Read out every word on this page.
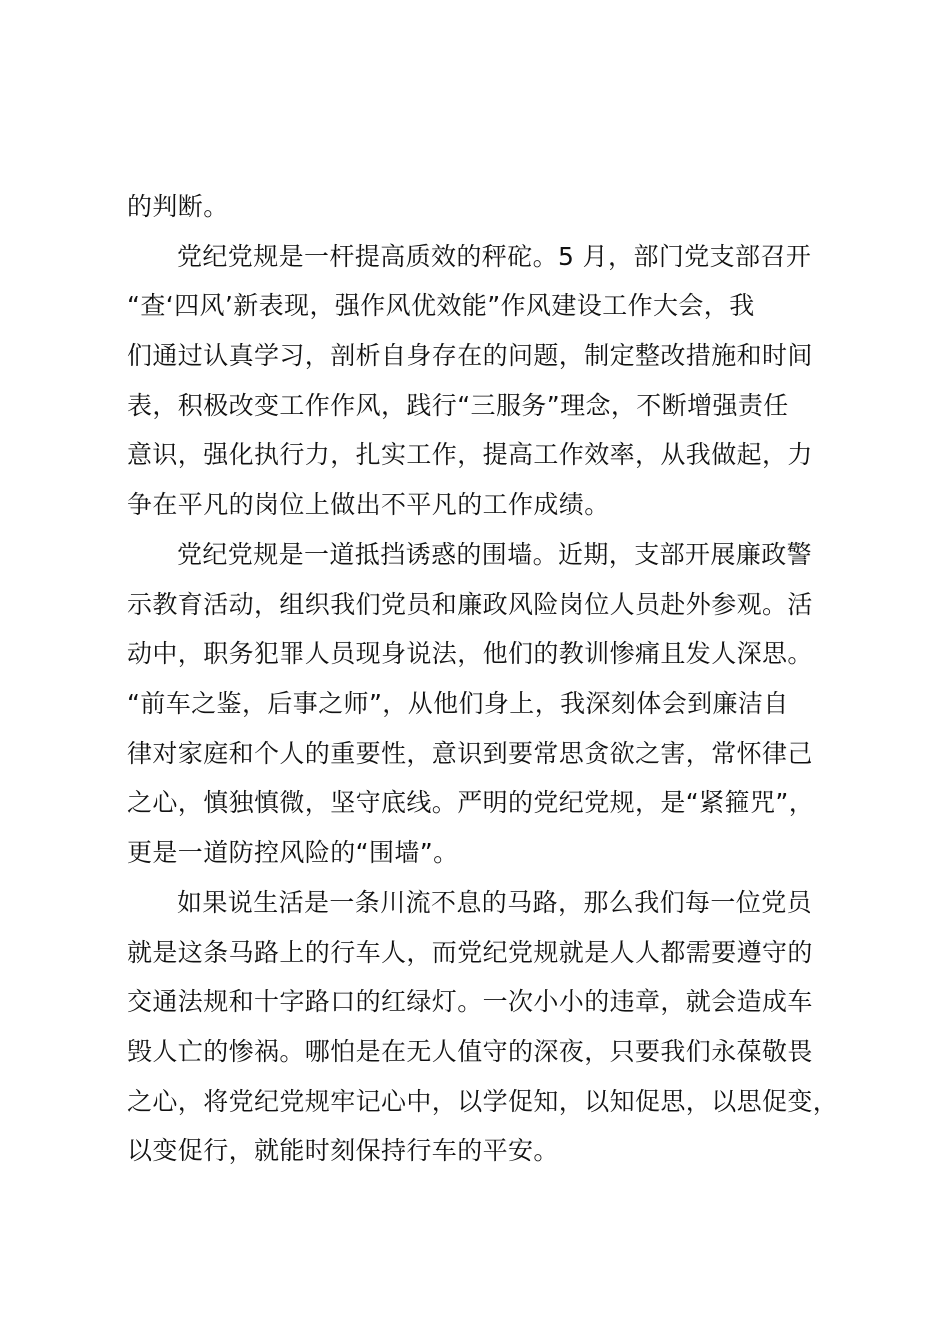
的判断。
党纪党规是一杆提高质效的秤砣。5 月，部门党支部召开
“查‘四风’新表现，强作风优效能”作风建设工作大会，我
们通过认真学习，剖析自身存在的问题，制定整改措施和时间
表，积极改变工作作风，践行“三服务”理念，不断增强责任
意识，强化执行力，扎实工作，提高工作效率，从我做起，力
争在平凡的岗位上做出不平凡的工作成绩。
党纪党规是一道抵挡诱惑的围墙。近期，支部开展廉政警
示教育活动，组织我们党员和廉政风险岗位人员赴外参观。活
动中，职务犯罪人员现身说法，他们的教训惨痛且发人深思。
“前车之鉴，后事之师”，从他们身上，我深刻体会到廉洁自
律对家庭和个人的重要性，意识到要常思贪欲之害，常怀律己
之心，慎独慎微，坚守底线。严明的党纪党规，是“紧箍咒”，
更是一道防控风险的“围墙”。
如果说生活是一条川流不息的马路，那么我们每一位党员
就是这条马路上的行车人，而党纪党规就是人人都需要遵守的
交通法规和十字路口的红绿灯。一次小小的违章，就会造成车
毁人亡的惨祸。哪怕是在无人值守的深夜，只要我们永葆敬畏
之心，将党纪党规牢记心中，以学促知，以知促思，以思促变，
以变促行，就能时刻保持行车的平安。
